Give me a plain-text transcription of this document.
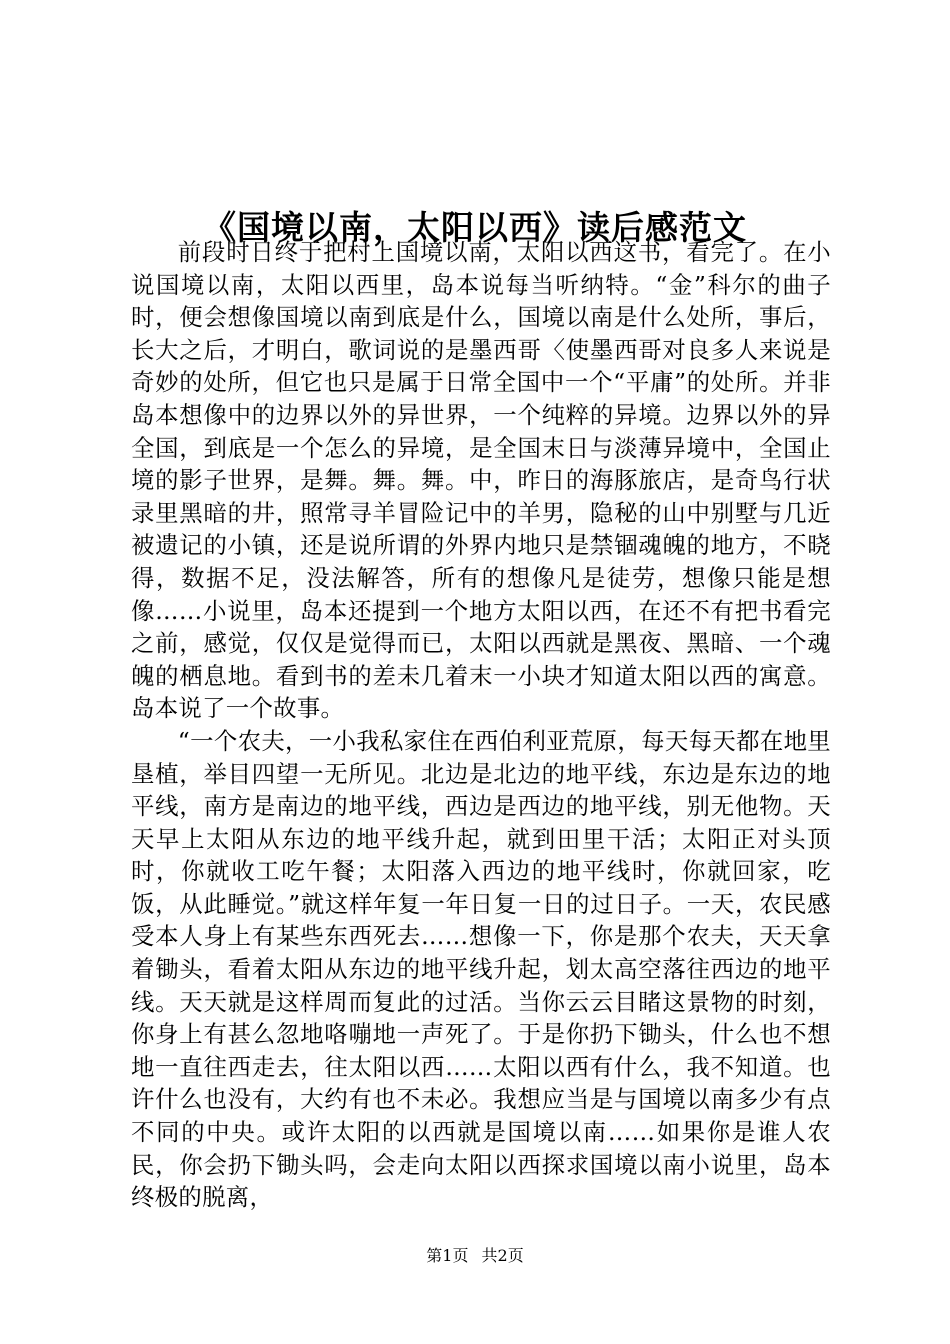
《国境以南，太阳以西》读后感范文

前段时日终于把村上国境以南，太阳以西这书，看完了。在小说国境以南，太阳以西里，岛本说每当听纳特。“金”科尔的曲子时，便会想像国境以南到底是什么，国境以南是什么处所，事后，长大之后，才明白，歌词说的是墨西哥〈使墨西哥对良多人来说是奇妙的处所，但它也只是属于日常全国中一个“平庸”的处所。并非岛本想像中的边界以外的异世界，一个纯粹的异境。边界以外的异全国，到底是一个怎么的异境，是全国末日与淡薄异境中，全国止境的影子世界，是舞。舞。舞。中，昨日的海豚旅店，是奇鸟行状录里黑暗的井，照常寻羊冒险记中的羊男，隐秘的山中别墅与几近被遗记的小镇，还是说所谓的外界内地只是禁锢魂魄的地方，不晓得，数据不足，没法解答，所有的想像凡是徒劳，想像只能是想像……小说里，岛本还提到一个地方太阳以西，在还不有把书看完之前，感觉，仅仅是觉得而已，太阳以西就是黑夜、黑暗、一个魂魄的栖息地。看到书的差未几着末一小块才知道太阳以西的寓意。岛本说了一个故事。

“一个农夫，一小我私家住在西伯利亚荒原，每天每天都在地里垦植，举目四望一无所见。北边是北边的地平线，东边是东边的地平线，南方是南边的地平线，西边是西边的地平线，别无他物。天天早上太阳从东边的地平线升起，就到田里干活；太阳正对头顶时，你就收工吃午餐；太阳落入西边的地平线时，你就回家，吃饭，从此睡觉。”就这样年复一年日复一日的过日子。一天，农民感受本人身上有某些东西死去……想像一下，你是那个农夫，天天拿着锄头，看着太阳从东边的地平线升起，划太高空落往西边的地平线。天天就是这样周而复此的过活。当你云云目睹这景物的时刻，你身上有甚么忽地咯嘣地一声死了。于是你扔下锄头，什么也不想地一直往西走去，往太阳以西……太阳以西有什么，我不知道。也许什么也没有，大约有也不未必。我想应当是与国境以南多少有点不同的中央。或许太阳的以西就是国境以南……如果你是谁人农民，你会扔下锄头吗，会走向太阳以西探求国境以南小说里，岛本终极的脱离，

第1页 共2页
